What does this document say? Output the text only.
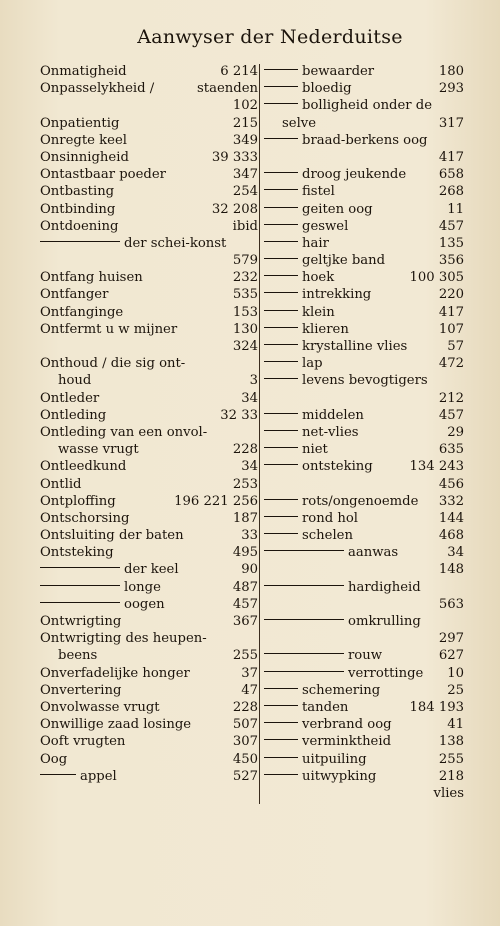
Aanwyser der Nederduitse
Onmatigheid	6 214
Onpasselykheid /	staenden
102
Onpatientig	215
Onregte keel	349
Onsinnigheid	39 333
Ontastbaar poeder	347
Ontbasting	254
Ontbinding	32 208
Ontdoening	ibid
der schei-konst
579
Ontfang huisen	232
Ontfanger	535
Ontfanginge	153
Ontfermt u w mijner	130
324
Onthoud / die sig ont-
houd	3
Ontleder	34
Ontleding	32 33
Ontleding van een onvol-
wasse vrugt	228
Ontleedkund	34
Ontlid	253
Ontploffing	196 221 256
Ontschorsing	187
Ontsluiting der baten	33
Ontsteking	495
der keel	90
longe	487
oogen	457
Ontwrigting	367
Ontwrigting des heupen-
beens	255
Onverfadelijke honger	37
Onvertering	47
Onvolwasse vrugt	228
Onwillige zaad losinge	507
Ooft vrugten	307
Oog	450
appel	527
bewaarder	180
bloedig	293
bolligheid onder de
selve	317
braad-berkens oog
417
droog jeukende 658
fistel	268
geiten oog	11
geswel	457
hair	135
geltjke band	356
hoek	100 305
intrekking	220
klein	417
klieren	107
krystalline vlies	57
lap	472
levens bevogtigers
212
middelen	457
net-vlies	29
niet	635
ontsteking	134 243
456
rots/ongenoemde 332
rond hol	144
schelen	468
aanwas	34
148
hardigheid
563
omkrulling
297
rouw	627
verrottinge 10
schemering	25
tanden	184 193
verbrand oog	41
verminktheid	138
uitpuiling	255
uitwypking	218
vlies
